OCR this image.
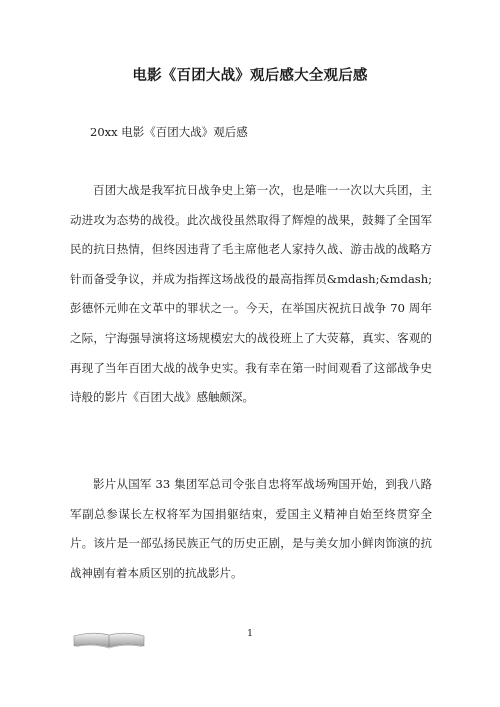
电影《百团大战》观后感大全观后感
20xx 电影《百团大战》观后感

百团大战是我军抗日战争史上第一次，也是唯一一次以大兵团，主动进攻为态势的战役。此次战役虽然取得了辉煌的战果，鼓舞了全国军民的抗日热情，但终因违背了毛主席他老人家持久战、游击战的战略方针而备受争议，并成为指挥这场战役的最高指挥员&mdash;&mdash;彭德怀元帅在文革中的罪状之一。今天，在举国庆祝抗日战争 70 周年之际，宁海强导演将这场规模宏大的战役班上了大荧幕，真实、客观的再现了当年百团大战的战争史实。我有幸在第一时间观看了这部战争史诗般的影片《百团大战》感触颇深。

影片从国军 33 集团军总司令张自忠将军战场殉国开始，到我八路军副总参谋长左权将军为国捐躯结束，爱国主义精神自始至终贯穿全片。该片是一部弘扬民族正气的历史正剧，是与美女加小鲜肉饰演的抗战神剧有着本质区别的抗战影片。

1
